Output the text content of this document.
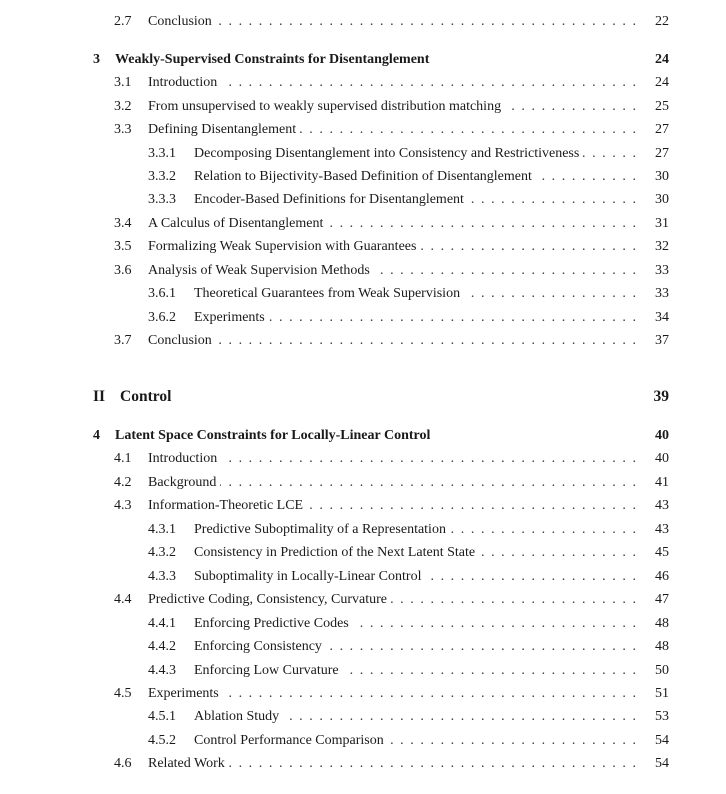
2.7 . . . Conclusion	22
3 Weakly-Supervised Constraints for Disentanglement	24
3.1 . . . Introduction	24
3.2 . . . From unsupervised to weakly supervised distribution matching	25
3.3 . . . Defining Disentanglement	27
3.3.1 . . . Decomposing Disentanglement into Consistency and Restrictiveness	27
3.3.2 . . . Relation to Bijectivity-Based Definition of Disentanglement	30
3.3.3 . . . Encoder-Based Definitions for Disentanglement	30
3.4 . . . A Calculus of Disentanglement	31
3.5 . . . Formalizing Weak Supervision with Guarantees	32
3.6 . . . Analysis of Weak Supervision Methods	33
3.6.1 . . . Theoretical Guarantees from Weak Supervision	33
3.6.2 . . . Experiments	34
3.7 . . . Conclusion	37
II Control	39
4 Latent Space Constraints for Locally-Linear Control	40
4.1 . . . Introduction	40
4.2 . . . Background	41
4.3 . . . Information-Theoretic LCE	43
4.3.1 . . . Predictive Suboptimality of a Representation	43
4.3.2 . . . Consistency in Prediction of the Next Latent State	45
4.3.3 . . . Suboptimality in Locally-Linear Control	46
4.4 . . . Predictive Coding, Consistency, Curvature	47
4.4.1 . . . Enforcing Predictive Codes	48
4.4.2 . . . Enforcing Consistency	48
4.4.3 . . . Enforcing Low Curvature	50
4.5 . . . Experiments	51
4.5.1 . . . Ablation Study	53
4.5.2 . . . Control Performance Comparison	54
4.6 . . . Related Work	54
